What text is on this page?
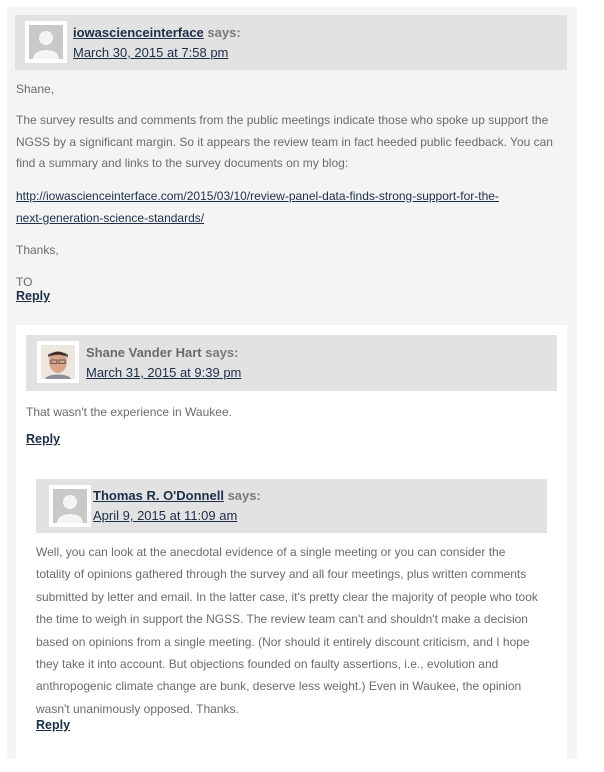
iowascienceinterface says:
March 30, 2015 at 7:58 pm

Shane,

The survey results and comments from the public meetings indicate those who spoke up support the NGSS by a significant margin. So it appears the review team in fact heeded public feedback. You can find a summary and links to the survey documents on my blog:

http://iowascienceinterface.com/2015/03/10/review-panel-data-finds-strong-support-for-the-
next-generation-science-standards/

Thanks,

TO

Reply
Shane Vander Hart says:
March 31, 2015 at 9:39 pm

That wasn't the experience in Waukee.

Reply
Thomas R. O'Donnell says:
April 9, 2015 at 11:09 am

Well, you can look at the anecdotal evidence of a single meeting or you can consider the totality of opinions gathered through the survey and all four meetings, plus written comments submitted by letter and email. In the latter case, it's pretty clear the majority of people who took the time to weigh in support the NGSS. The review team can't and shouldn't make a decision based on opinions from a single meeting. (Nor should it entirely discount criticism, and I hope they take it into account. But objections founded on faulty assertions, i.e., evolution and anthropogenic climate change are bunk, deserve less weight.) Even in Waukee, the opinion wasn't unanimously opposed. Thanks.

Reply
